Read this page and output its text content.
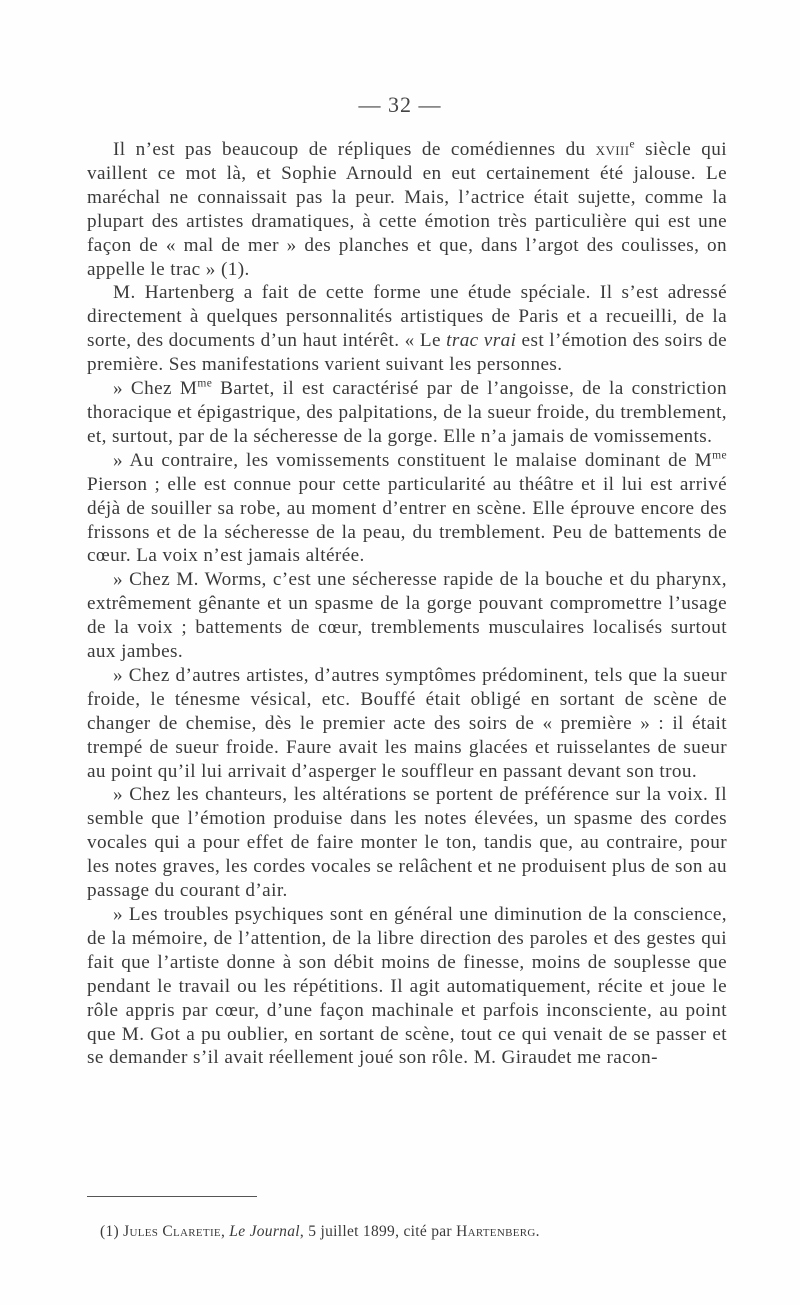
— 32 —

Il n’est pas beaucoup de répliques de comédiennes du xviii$^e$ siècle qui vaillent ce mot là, et Sophie Arnould en eut certainement été jalouse. Le maréchal ne connaissait pas la peur. Mais, l’actrice était sujette, comme la plupart des artistes dramatiques, à cette émotion très particulière qui est une façon de « mal de mer » des planches et que, dans l’argot des coulisses, on appelle le trac » (1).

M. Hartenberg a fait de cette forme une étude spéciale. Il s’est adressé directement à quelques personnalités artistiques de Paris et a recueilli, de la sorte, des documents d’un haut intérêt. « Le trac vrai est l’émotion des soirs de première. Ses manifestations varient suivant les personnes.

» Chez $M^{me}$ Bartet, il est caractérisé par de l’angoisse, de la constriction thoracique et épigastrique, des palpitations, de la sueur froide, du tremblement, et, surtout, par de la sécheresse de la gorge. Elle n’a jamais de vomissements.

» Au contraire, les vomissements constituent le malaise dominant de $M^{me}$ Pierson ; elle est connue pour cette particularité au théâtre et il lui est arrivé déjà de souiller sa robe, au moment d’entrer en scène. Elle éprouve encore des frissons et de la sécheresse de la peau, du tremblement. Peu de battements de cœur. La voix n’est jamais altérée.

» Chez M. Worms, c’est une sécheresse rapide de la bouche et du pharynx, extrêmement gênante et un spasme de la gorge pouvant compromettre l’usage de la voix ; battements de cœur, tremblements musculaires localisés surtout aux jambes.

» Chez d’autres artistes, d’autres symptômes prédominent, tels que la sueur froide, le ténesme vésical, etc. Bouffé était obligé en sortant de scène de changer de chemise, dès le premier acte des soirs de « première » : il était trempé de sueur froide. Faure avait les mains glacées et ruisselantes de sueur au point qu’il lui arrivait d’asperger le souffleur en passant devant son trou.

» Chez les chanteurs, les altérations se portent de préférence sur la voix. Il semble que l’émotion produise dans les notes élevées, un spasme des cordes vocales qui a pour effet de faire monter le ton, tandis que, au contraire, pour les notes graves, les cordes vocales se relâchent et ne produisent plus de son au passage du courant d’air.

» Les troubles psychiques sont en général une diminution de la conscience, de la mémoire, de l’attention, de la libre direction des paroles et des gestes qui fait que l’artiste donne à son débit moins de finesse, moins de souplesse que pendant le travail ou les répétitions. Il agit automatiquement, récite et joue le rôle appris par cœur, d’une façon machinale et parfois inconsciente, au point que M. Got a pu oublier, en sortant de scène, tout ce qui venait de se passer et se demander s’il avait réellement joué son rôle. M. Giraudet me racon-

(1) Jules Claretie, Le Journal, 5 juillet 1899, cité par Hartenberg.
